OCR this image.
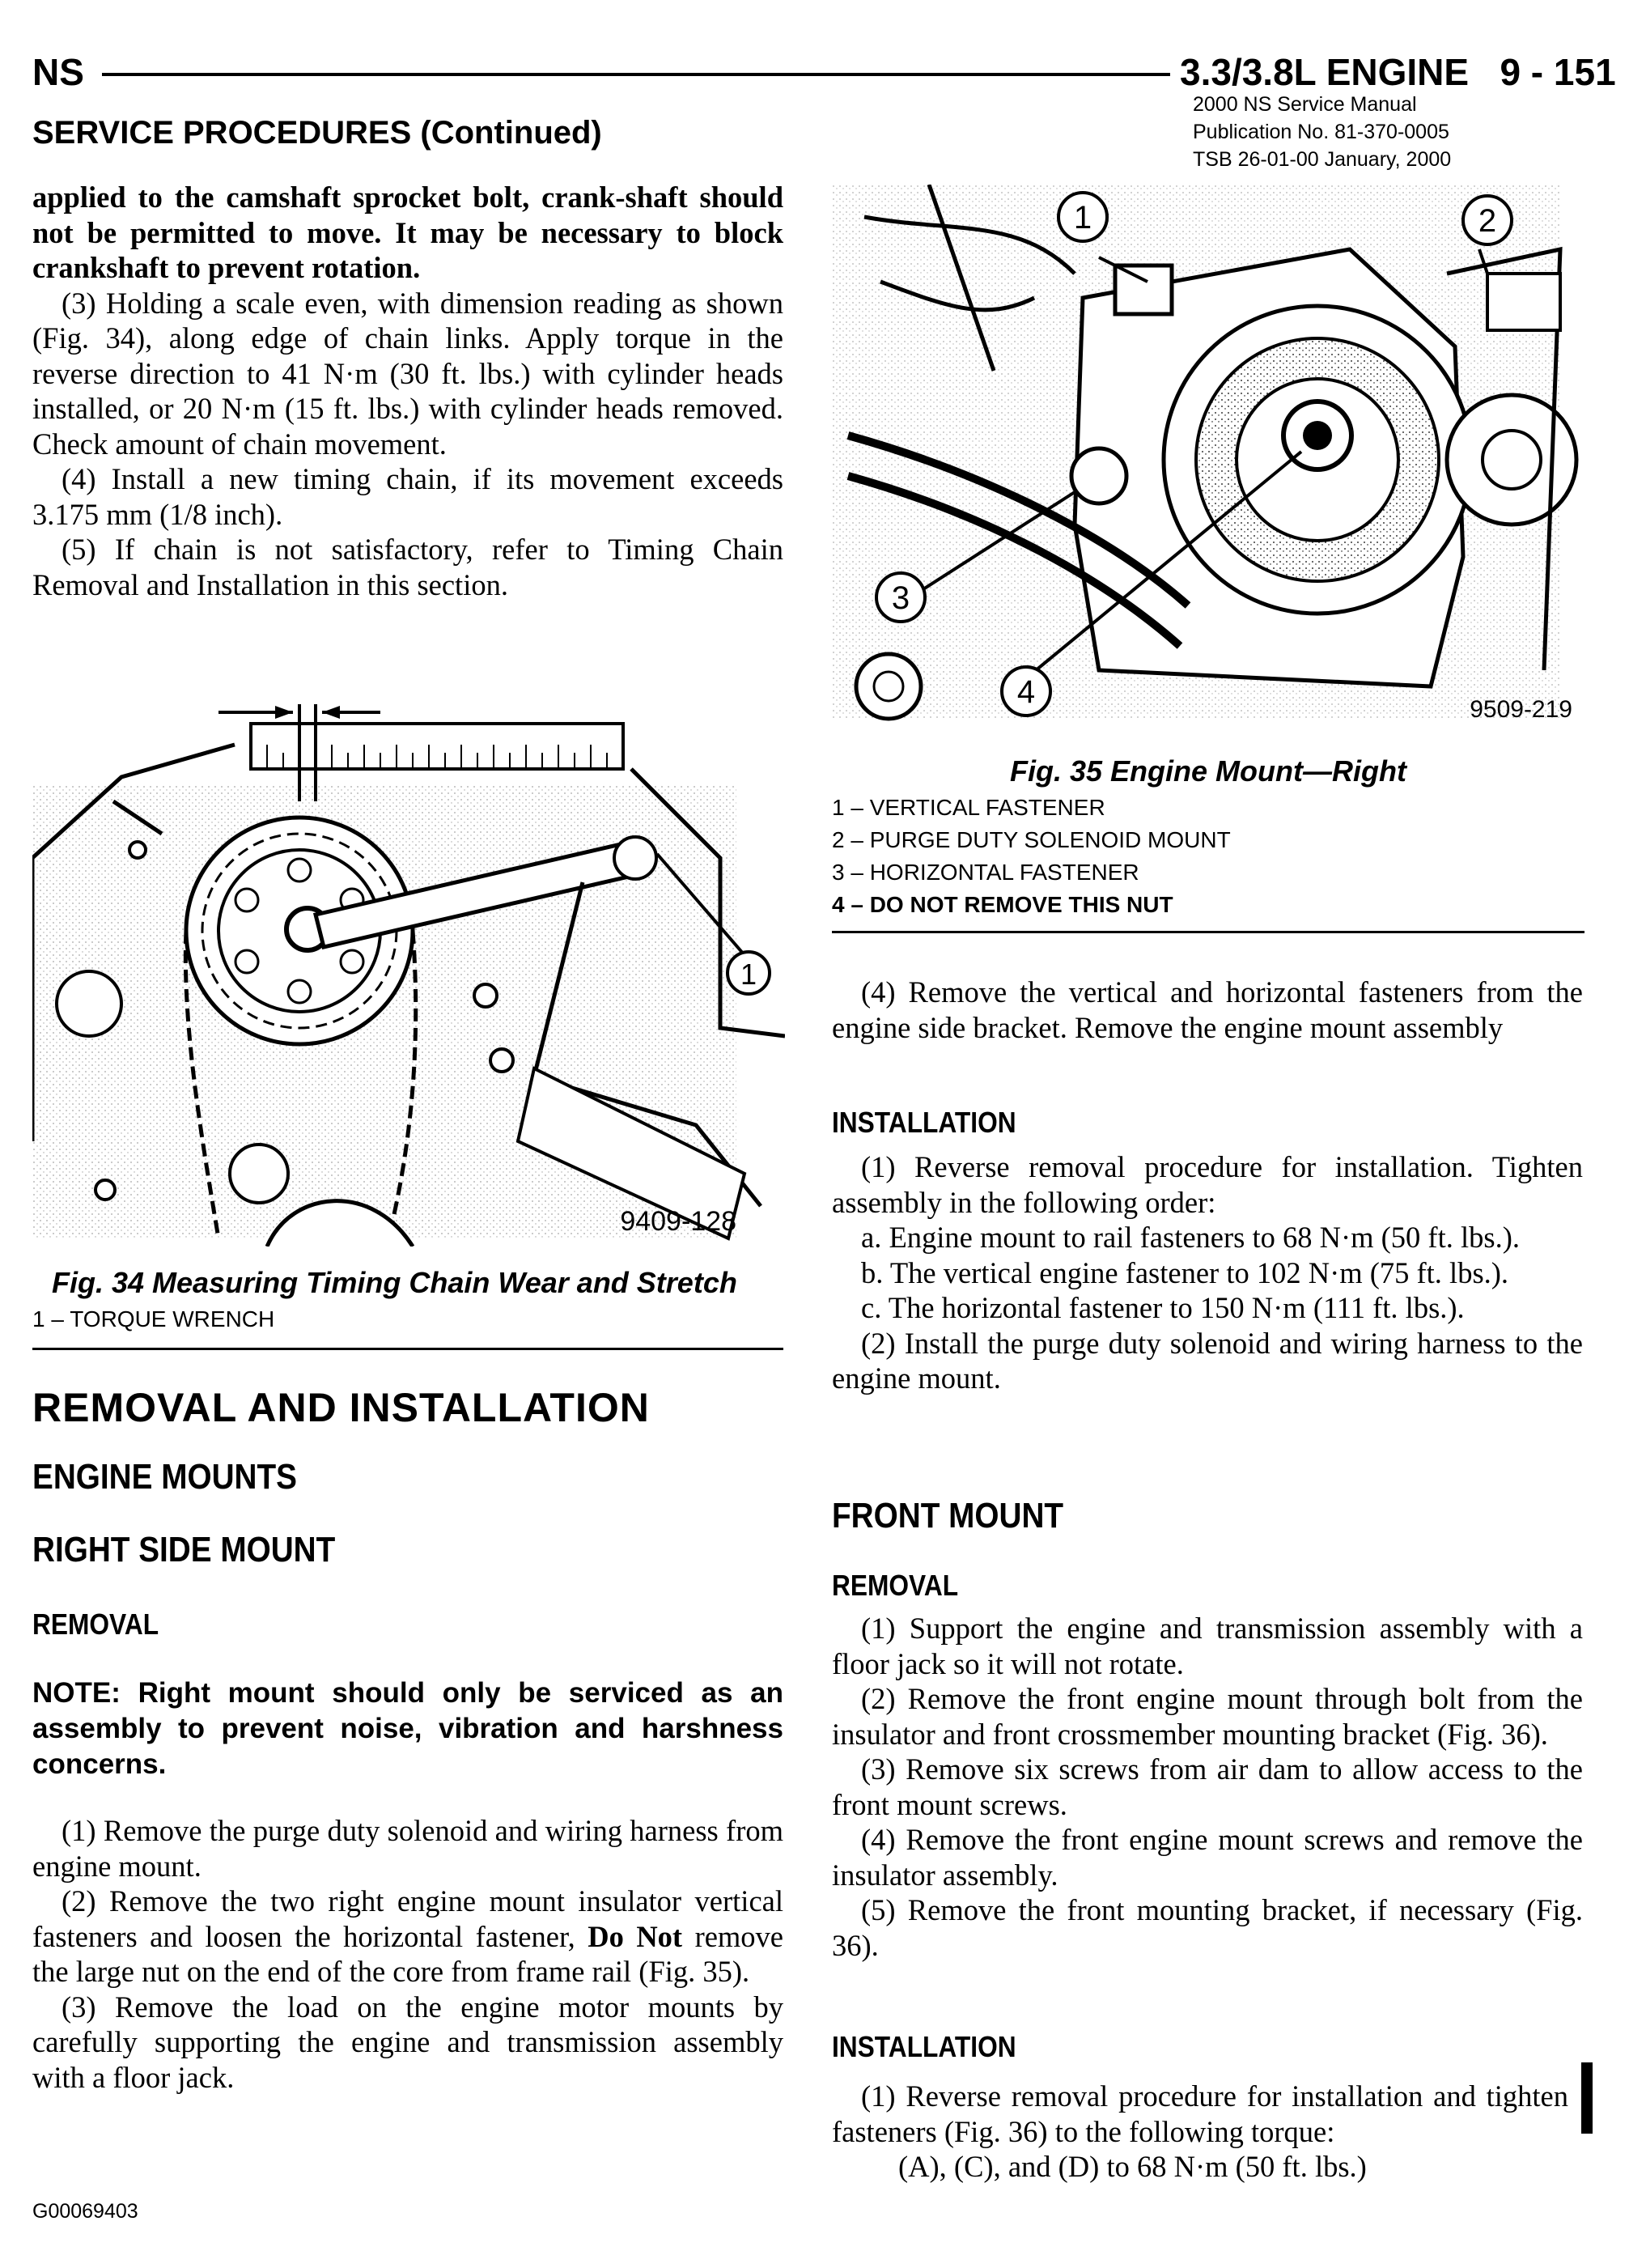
NS	3.3/3.8L ENGINE 9 - 151
2000 NS Service Manual
Publication No. 81-370-0005
TSB 26-01-00 January, 2000
SERVICE PROCEDURES (Continued)

applied to the camshaft sprocket bolt, crank-shaft should not be permitted to move. It may be necessary to block crankshaft to prevent rotation.

(3) Holding a scale even, with dimension reading as shown (Fig. 34), along edge of chain links. Apply torque in the reverse direction to 41 N·m (30 ft. lbs.) with cylinder heads installed, or 20 N·m (15 ft. lbs.) with cylinder heads removed. Check amount of chain movement.

(4) Install a new timing chain, if its movement exceeds 3.175 mm (1/8 inch).

(5) If chain is not satisfactory, refer to Timing Chain Removal and Installation in this section.

1
9409-128
Fig. 34 Measuring Timing Chain Wear and Stretch
1 – TORQUE WRENCH
REMOVAL AND INSTALLATION
ENGINE MOUNTS
RIGHT SIDE MOUNT
REMOVAL
NOTE: Right mount should only be serviced as an assembly to prevent noise, vibration and harshness concerns.

(1) Remove the purge duty solenoid and wiring harness from engine mount.

(2) Remove the two right engine mount insulator vertical fasteners and loosen the horizontal fastener, Do Not remove the large nut on the end of the core from frame rail (Fig. 35).

(3) Remove the load on the engine motor mounts by carefully supporting the engine and transmission assembly with a floor jack.

1	2
3
4	9509-219
Fig. 35 Engine Mount—Right
1 – VERTICAL FASTENER
2 – PURGE DUTY SOLENOID MOUNT
3 – HORIZONTAL FASTENER
4 – DO NOT REMOVE THIS NUT

(4) Remove the vertical and horizontal fasteners from the engine side bracket. Remove the engine mount assembly

INSTALLATION

(1) Reverse removal procedure for installation. Tighten assembly in the following order:

a. Engine mount to rail fasteners to 68 N·m (50 ft. lbs.).

b. The vertical engine fastener to 102 N·m (75 ft. lbs.).

c. The horizontal fastener to 150 N·m (111 ft. lbs.).

(2) Install the purge duty solenoid and wiring harness to the engine mount.

FRONT MOUNT
REMOVAL

(1) Support the engine and transmission assembly with a floor jack so it will not rotate.

(2) Remove the front engine mount through bolt from the insulator and front crossmember mounting bracket (Fig. 36).

(3) Remove six screws from air dam to allow access to the front mount screws.

(4) Remove the front engine mount screws and remove the insulator assembly.

(5) Remove the front mounting bracket, if necessary (Fig. 36).

INSTALLATION

(1) Reverse removal procedure for installation and tighten fasteners (Fig. 36) to the following torque:

(A), (C), and (D) to 68 N·m (50 ft. lbs.)

G00069403
